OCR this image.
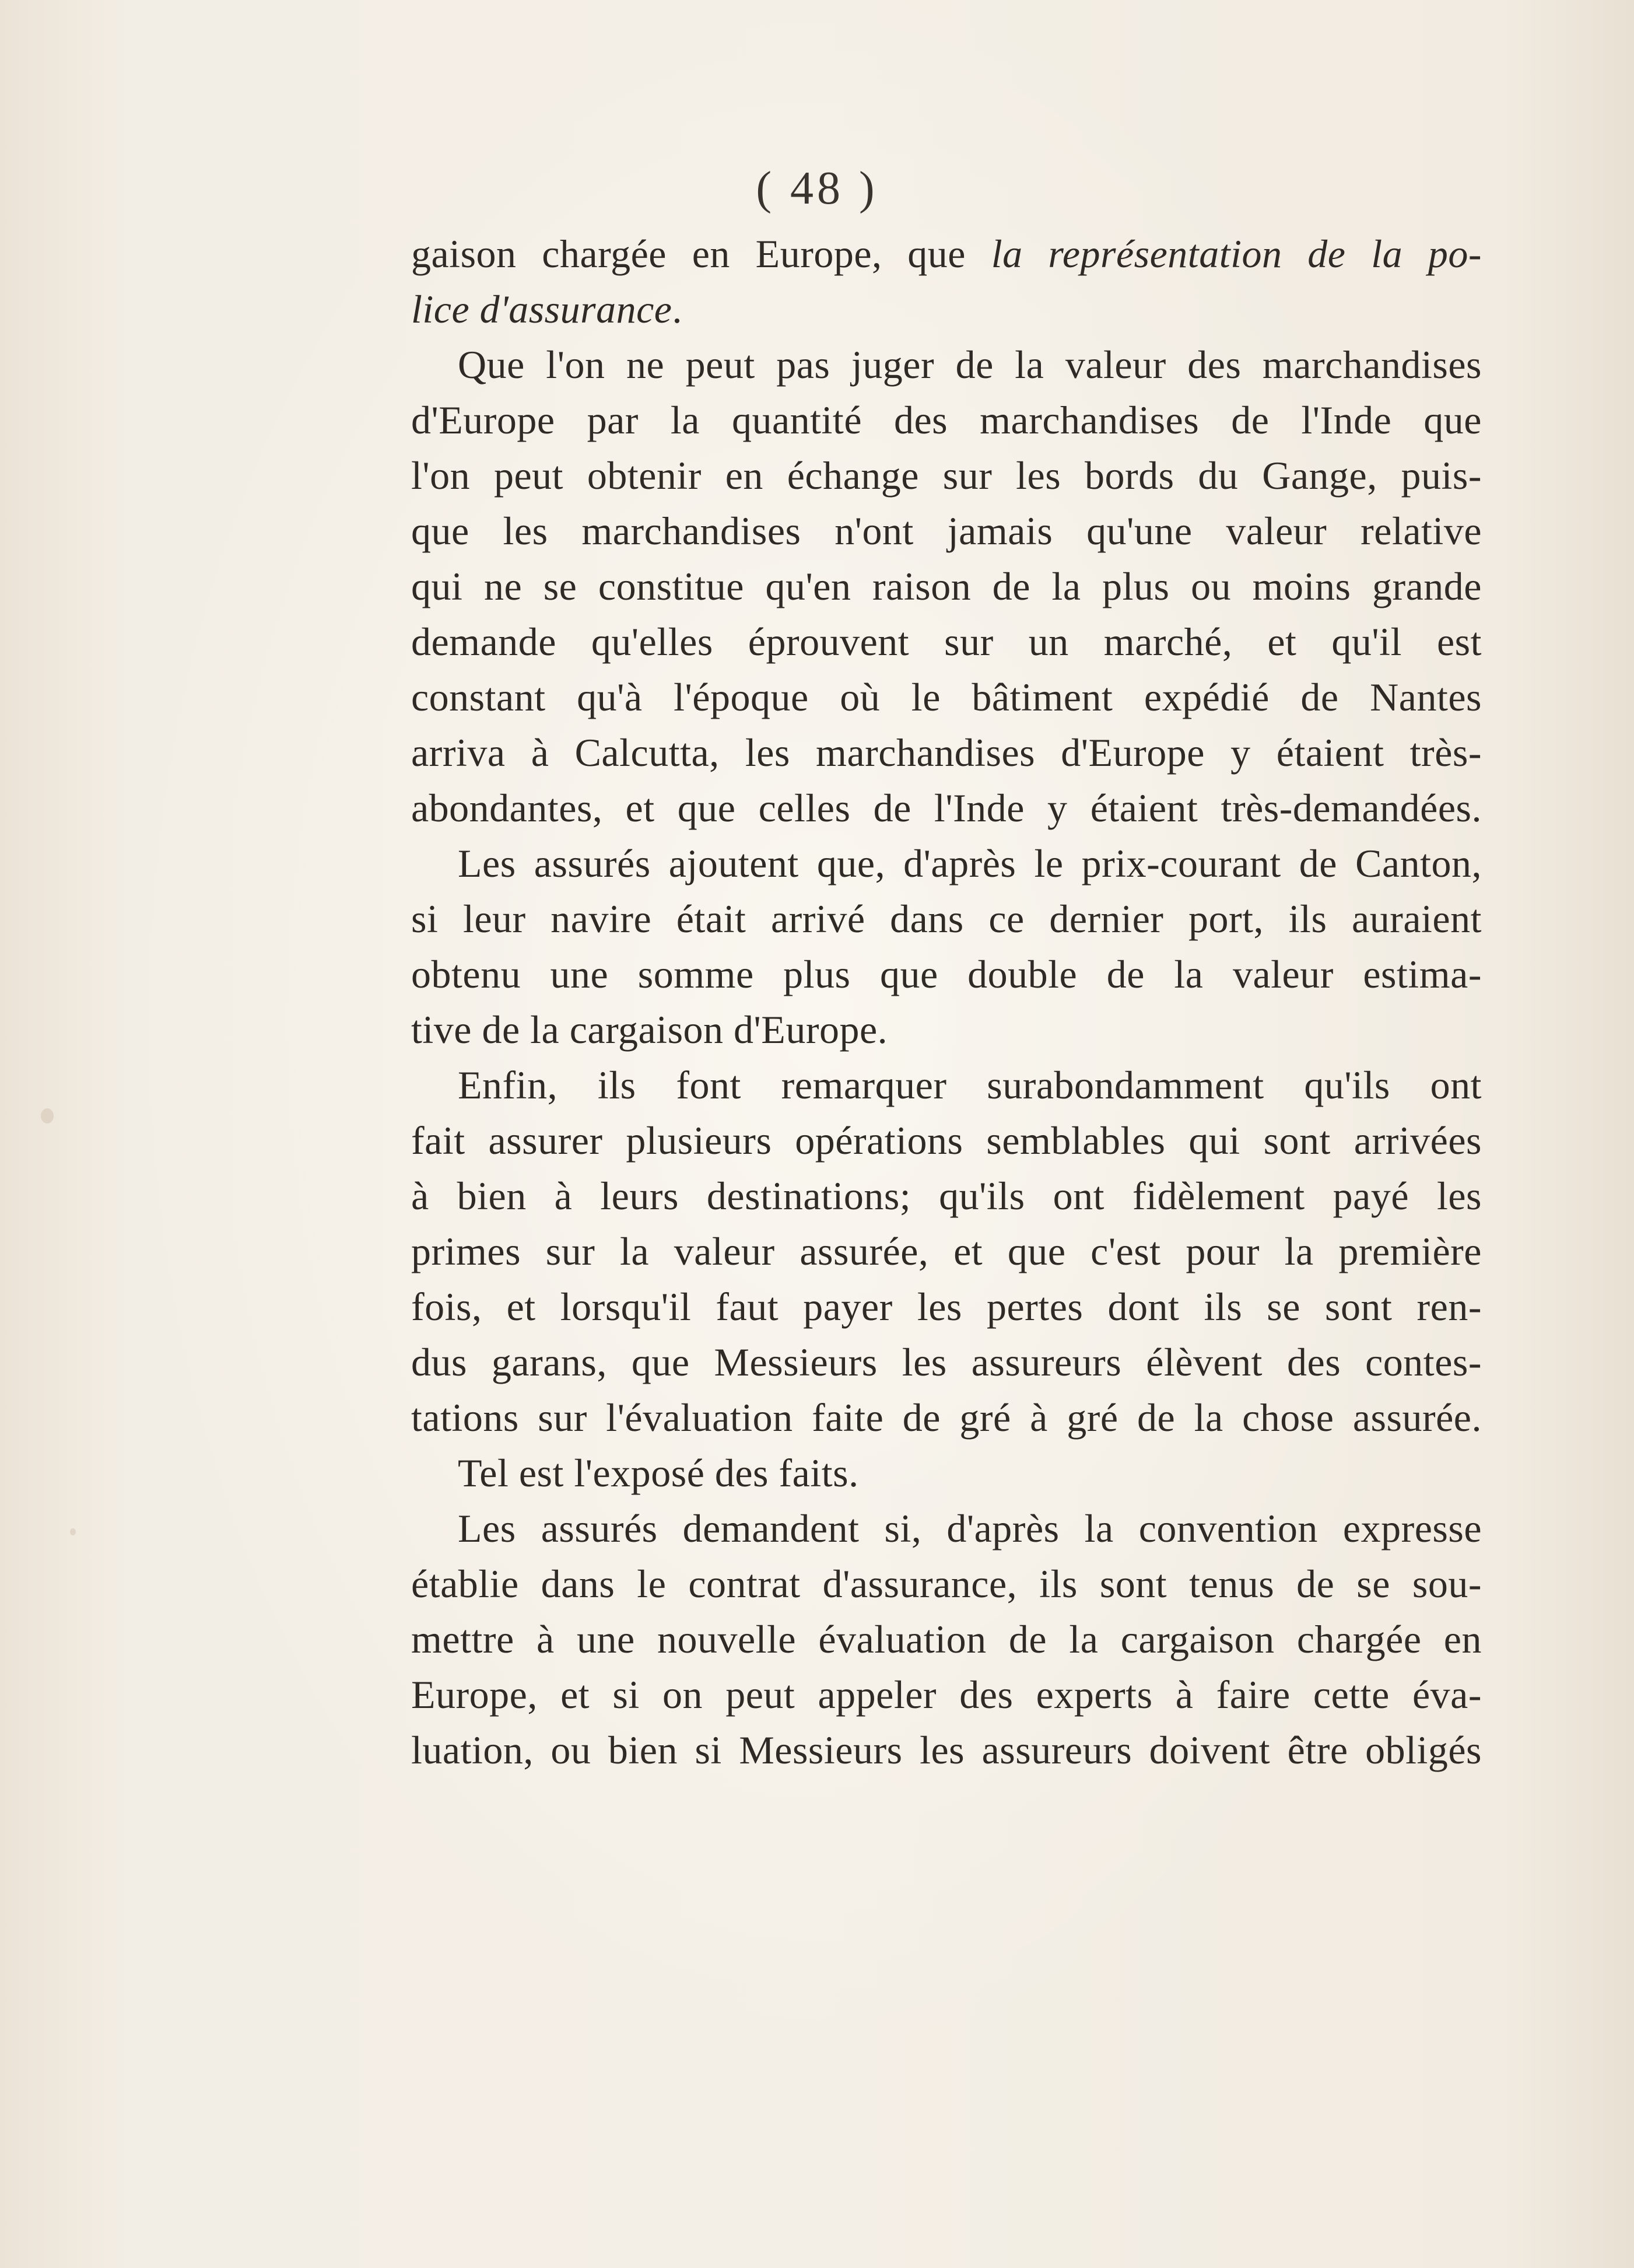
( 48 )
gaison chargée en Europe, que la représentation de la po-
lice d'assurance.
Que l'on ne peut pas juger de la valeur des marchandises
d'Europe par la quantité des marchandises de l'Inde que
l'on peut obtenir en échange sur les bords du Gange, puis-
que les marchandises n'ont jamais qu'une valeur relative
qui ne se constitue qu'en raison de la plus ou moins grande
demande qu'elles éprouvent sur un marché, et qu'il est
constant qu'à l'époque où le bâtiment expédié de Nantes
arriva à Calcutta, les marchandises d'Europe y étaient très-
abondantes, et que celles de l'Inde y étaient très-demandées.
Les assurés ajoutent que, d'après le prix-courant de Canton,
si leur navire était arrivé dans ce dernier port, ils auraient
obtenu une somme plus que double de la valeur estima-
tive de la cargaison d'Europe.
Enfin, ils font remarquer surabondamment qu'ils ont
fait assurer plusieurs opérations semblables qui sont arrivées
à bien à leurs destinations; qu'ils ont fidèlement payé les
primes sur la valeur assurée, et que c'est pour la première
fois, et lorsqu'il faut payer les pertes dont ils se sont ren-
dus garans, que Messieurs les assureurs élèvent des contes-
tations sur l'évaluation faite de gré à gré de la chose assurée.
Tel est l'exposé des faits.
Les assurés demandent si, d'après la convention expresse
établie dans le contrat d'assurance, ils sont tenus de se sou-
mettre à une nouvelle évaluation de la cargaison chargée en
Europe, et si on peut appeler des experts à faire cette éva-
luation, ou bien si Messieurs les assureurs doivent être obligés
